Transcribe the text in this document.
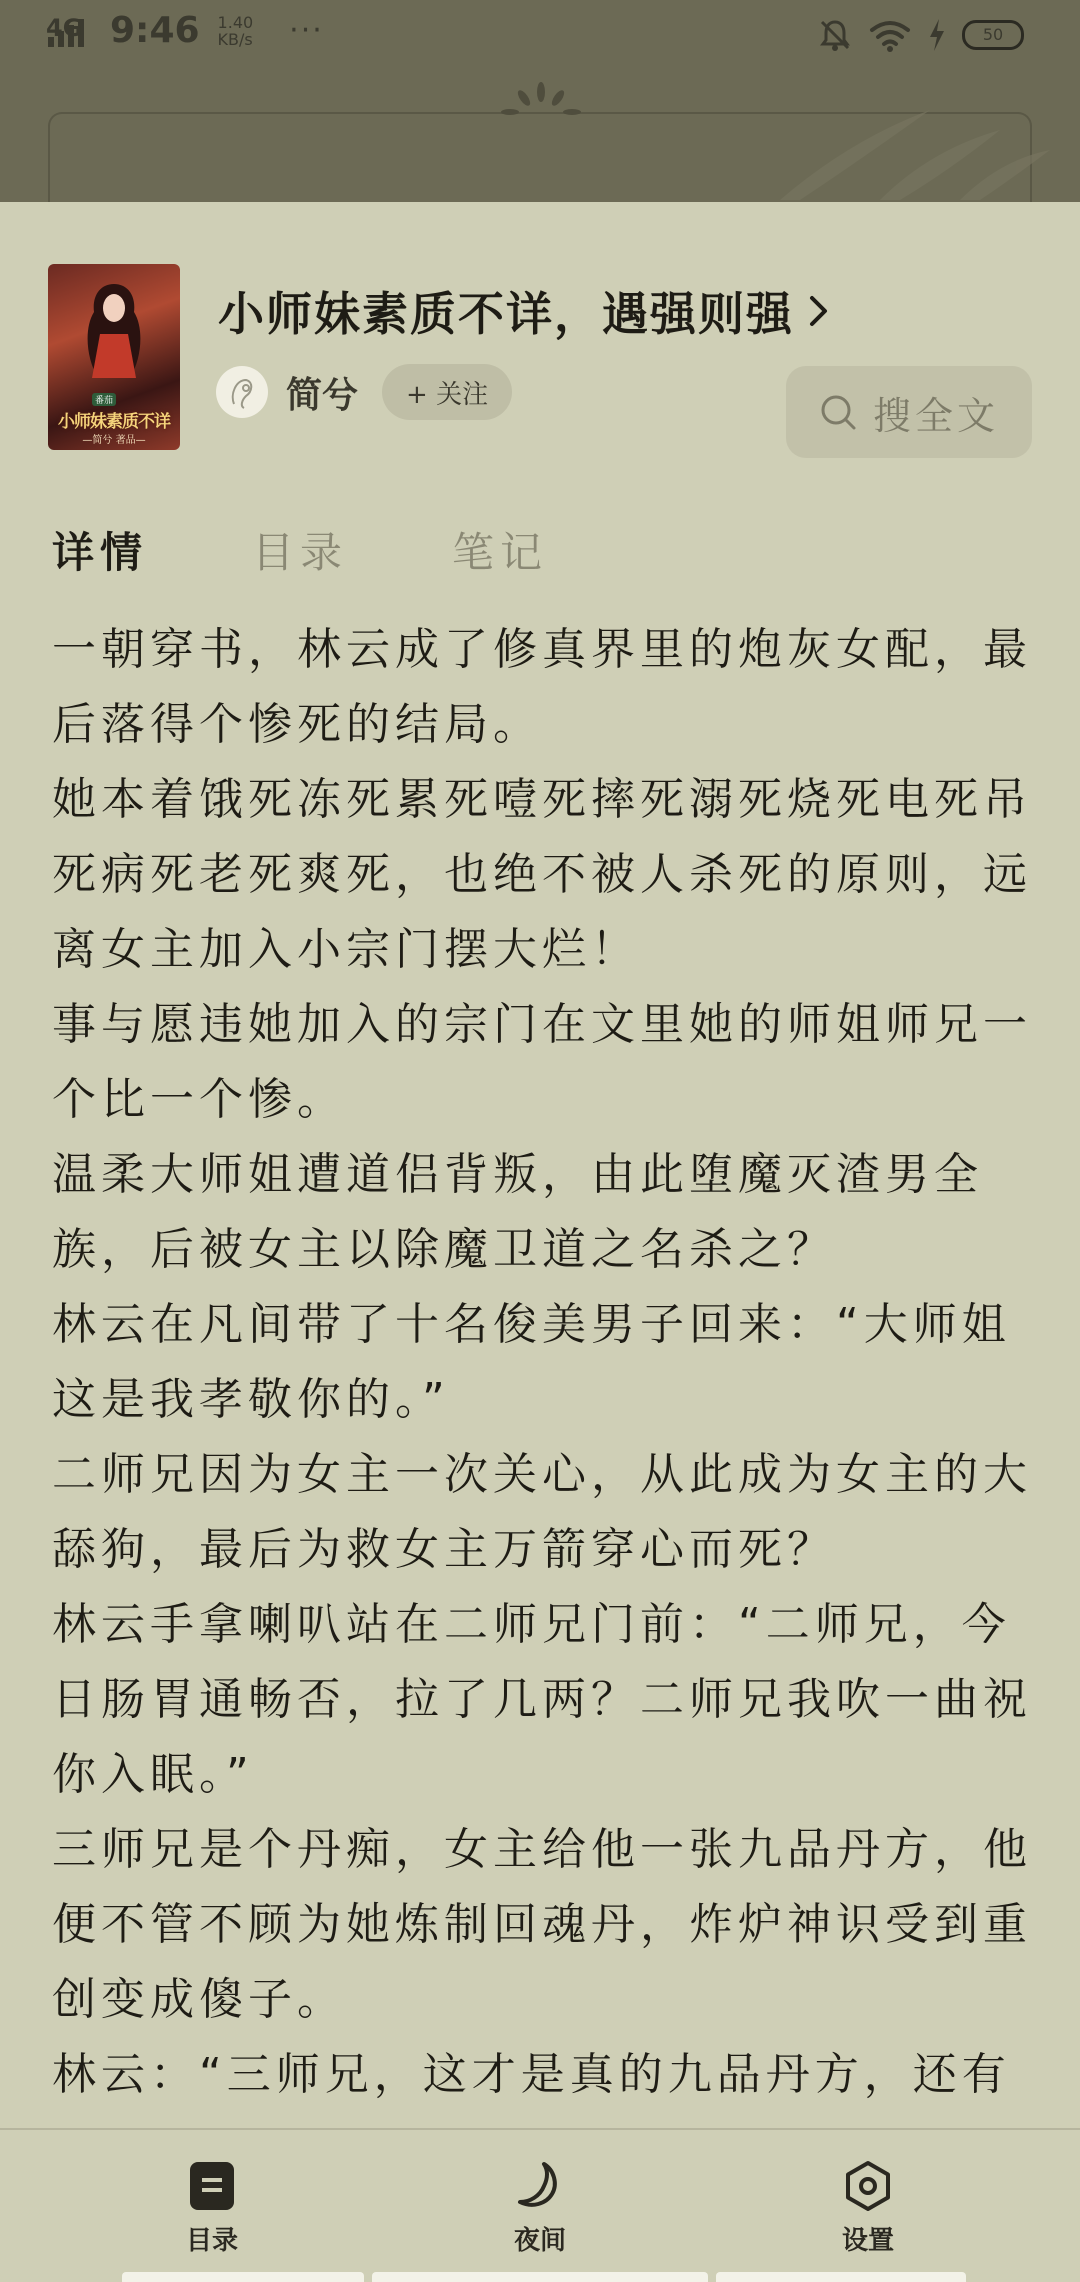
4G 9:46 1.40
KB/s ···	50
番茄
小师妹素质不详
—简兮 著品—
小师妹素质不详，遇强则强
简兮	+ 关注	搜全文
详情 目录 笔记

一朝穿书，林云成了修真界里的炮灰女配，最后落得个惨死的结局。

她本着饿死冻死累死噎死摔死溺死烧死电死吊死病死老死爽死，也绝不被人杀死的原则，远离女主加入小宗门摆大烂！

事与愿违她加入的宗门在文里她的师姐师兄一个比一个惨。

温柔大师姐遭道侣背叛，由此堕魔灭渣男全族，后被女主以除魔卫道之名杀之？

林云在凡间带了十名俊美男子回来：“大师姐这是我孝敬你的。”

二师兄因为女主一次关心，从此成为女主的大舔狗，最后为救女主万箭穿心而死？

林云手拿喇叭站在二师兄门前：“二师兄，今日肠胃通畅否，拉了几两？二师兄我吹一曲祝你入眠。”

三师兄是个丹痴，女主给他一张九品丹方，他便不管不顾为她炼制回魂丹，炸炉神识受到重创变成傻子。

林云：“三师兄，这才是真的九品丹方，还有

目录	夜间	设置
